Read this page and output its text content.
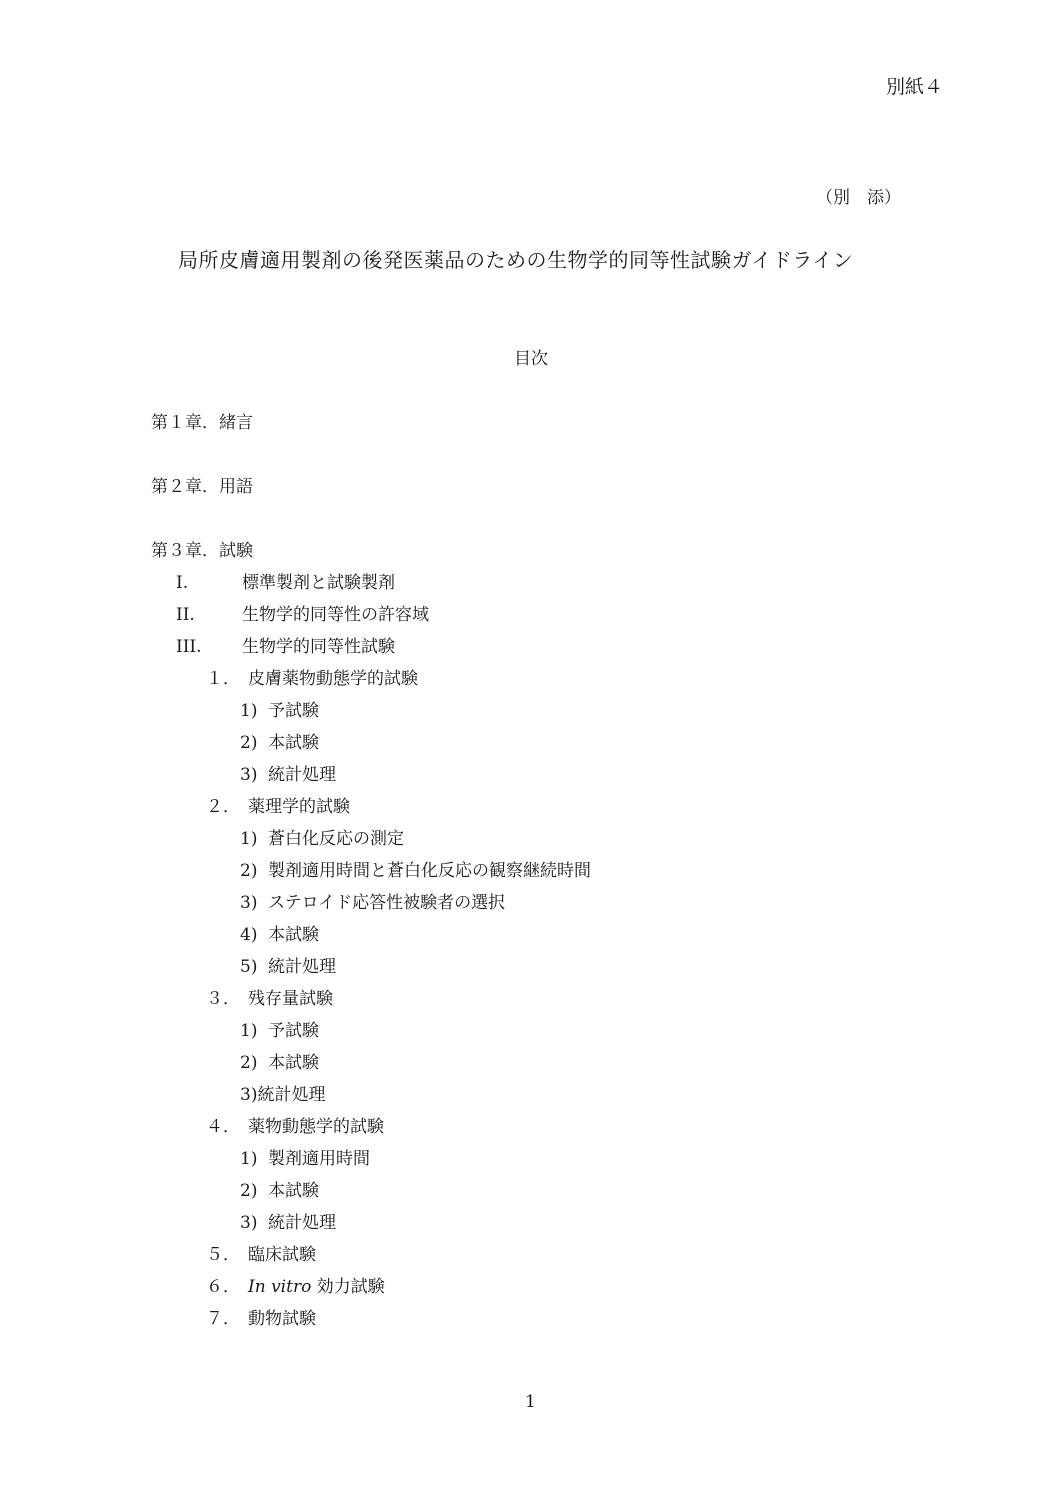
別紙４
（別　添）
局所皮膚適用製剤の後発医薬品のための生物学的同等性試験ガイドライン
目次
第１章．緒言
第２章．用語
第３章．試験
I.	標準製剤と試験製剤
II.	生物学的同等性の許容域
III. 生物学的同等性試験
１． 皮膚薬物動態学的試験
1) 予試験
2) 本試験
3) 統計処理
２． 薬理学的試験
1) 蒼白化反応の測定
2) 製剤適用時間と蒼白化反応の観察継続時間
3) ステロイド応答性被験者の選択
4) 本試験
5) 統計処理
３． 残存量試験
1) 予試験
2) 本試験
3)統計処理
４． 薬物動態学的試験
1) 製剤適用時間
2) 本試験
3) 統計処理
５． 臨床試験
６． In vitro 効力試験
７． 動物試験
1
